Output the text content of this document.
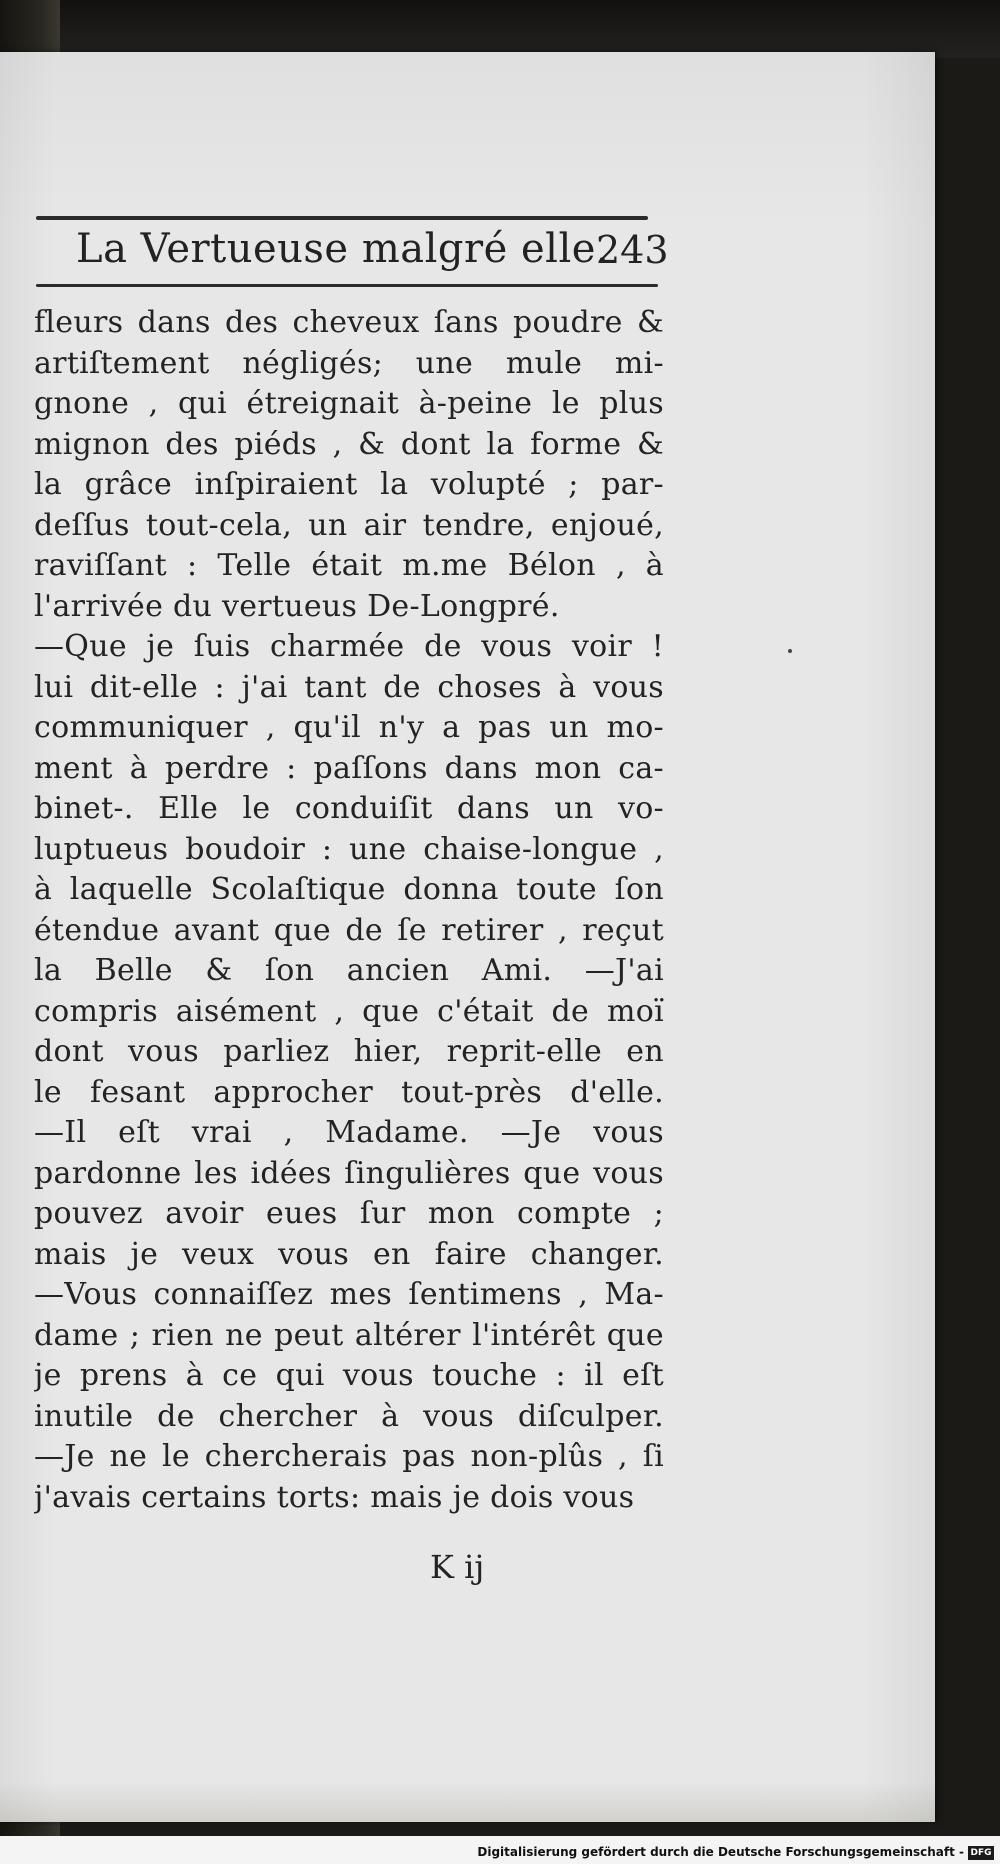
La Vertueuse malgré elle.
243
fleurs dans des cheveux ſans poudre &
artiſtement négligés; une mule mi-
gnone , qui étreignait à-peine le plus
mignon des piéds , & dont la forme &
la grâce inſpiraient la volupté ; par-
deſſus tout-cela, un air tendre, enjoué,
raviſſant : Telle était m.me Bélon , à
l'arrivée du vertueus De-Longpré.
—Que je ſuis charmée de vous voir !
lui dit-elle : j'ai tant de choses à vous
communiquer , qu'il n'y a pas un mo-
ment à perdre : paſſons dans mon ca-
binet-. Elle le conduiſit dans un vo-
luptueus boudoir : une chaise-longue ,
à laquelle Scolaſtique donna toute ſon
étendue avant que de ſe retirer , reçut
la Belle & ſon ancien Ami. —J'ai
compris aisément , que c'était de moï
dont vous parliez hier, reprit-elle en
le fesant approcher tout-près d'elle.
—Il eſt vrai , Madame. —Je vous
pardonne les idées ſingulières que vous
pouvez avoir eues ſur mon compte ;
mais je veux vous en faire changer.
—Vous connaiſſez mes ſentimens , Ma-
dame ; rien ne peut altérer l'intérêt que
je prens à ce qui vous touche : il eſt
inutile de chercher à vous diſculper.
—Je ne le chercherais pas non-plûs , ſi
j'avais certains torts: mais je dois vous
K ij
Digitalisierung gefördert durch die Deutsche Forschungsgemeinschaft - DFG
